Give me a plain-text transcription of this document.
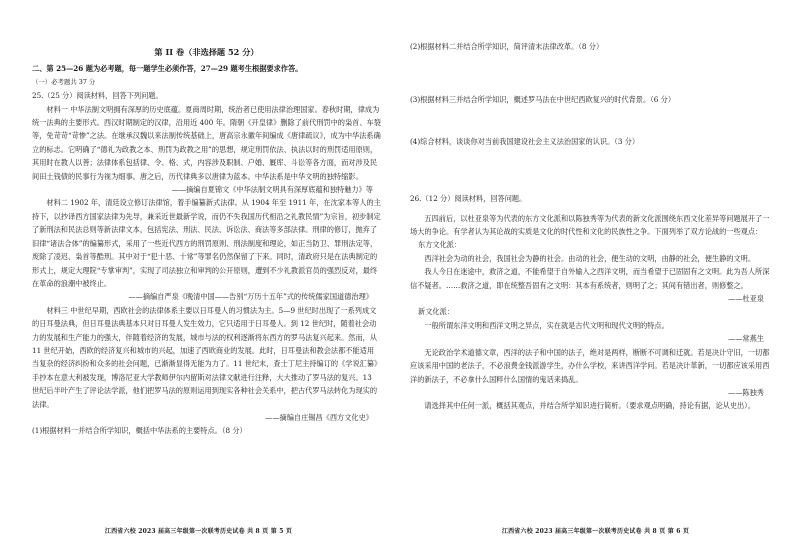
第 II 卷（非选择题 52 分）

二、第 25—26 题为必考题，每一题学生必须作答，27—29 题考生根据要求作答。

（一）必考题共 37 分

25.（25 分）阅读材料，回答下列问题。

材料一 中华法制文明拥有深厚的历史底蕴。夏商周时期，统治者已使用法律治理国家。春秋时期，律成为统一法典的主要形式。西汉时期制定的汉律，沿用近 400 年。隋朝《开皇律》删除了前代刑罚中的枭首、车裂等，免苛苛“苛惨”之法。在继承汉魏以来法制传统基础上，唐高宗永徽年间编成《唐律疏议》，成为中华法系确立的标志。它明确了“德礼为政教之本、刑罚为政教之用”的思想，规定刑罚依法、执法以时的刑罚适用原则，其用时在教人以善；法律体系包括律、令、格、式，内容涉及职制、户婚、厩库、斗讼等各方面，而对涉及民间田土钱债的民事行为视为细事。唐之后，历代律典多以唐律为蓝本。中华法系是中华文明的独特缩影。

——摘编自夏锦文《中华法制文明具有深厚底蕴和独特魅力》等

材料二 1902 年，清廷设立修订法律馆，着手编纂新式法律。从 1904 年至 1911 年，在沈家本等人的主持下，以抄译西方国家法律为先导，兼采近世最新学说，而仍不失我国历代相沿之礼教民情”为宗旨，初步制定了新刑法和民法总则等新法律文本，包括宪法、刑法、民法、诉讼法、商法等多部法律。刑律的修订，抛弃了旧律“诸法合体”的编纂形式，采用了一些近代西方的刑罚原则、刑法制度和理论，如正当防卫、罪刑法定等，废除了凌迟、枭首等酷刑。其中对于“犯十恶、十常”等罪名仍然保留了下来。同时，清政府只是在法典制定的形式上，规定大理院“专掌审判”，实现了司法独立和审判的公开原则，遭到不少礼教派官员的强烈反对，最终在革命的浪潮中被终止。

——摘编自严泉《晚清中国——告别“万历十五年”式的传统儒家国道德治理》

材料三 中世纪早期，西欧社会的法律体系主要以日耳曼人的习惯法为主。5—9 世纪时出现了一系列成文的日耳曼法典，但日耳曼法典基本只对日耳曼人发生效力，它只适用于日耳曼人。到 12 世纪时，随着社会动力的发展和生产能力的强大，伴随着经济的发展，城市与法的权利逐渐将东西方的罗马法复兴起来。然而，从

11 世纪开始，西欧的经济复兴和城市的兴起，加速了西欧商业的发展。此时，日耳曼法和教会法都不能适用当复杂的经济纠纷和众多的社会问题，已渐渐显得无能为力了。11 世纪末，查士丁尼主持编订的《学说汇纂》手抄本在意大利被发现，博洛尼亚大学教师伊尔内留斯对法律文献进行注释，大大推动了罗马法的复兴。13 世纪后半叶产生了评论法学派，他们把罗马法的原则运用到现实各种社会关系中，把古代罗马法转化为现实的法律。

——摘编自庄锡昌《西方文化史》

(1)根据材料一并结合所学知识，概括中华法系的主要特点。（8 分）

江西省六校 2023 届高三年级第一次联考历史试卷 共 8 页 第 5 页

(2)根据材料二并结合所学知识，简评清末法律改革。（8 分）

(3)根据材料三并结合所学知识，概述罗马法在中世纪西欧复兴的时代背景。（6 分）

(4)综合材料，谈谈你对当前我国建设社会主义法治国家的认识。（3 分）

26.（12 分）阅读材料，回答问题。

五四前后，以杜亚泉等为代表的东方文化派和以陈独秀等为代表的新文化派围绕东西文化差异等问题展开了一场大的争论。有学者认为其论战的实质是文化的时代性和文化的民族性之争。下面列举了双方论战的一些观点：

东方文化派：

西洋社会为动的社会，我国社会为静的社会。由动的社会，便生动的文明，由静的社会，便生静的文明。

我人今日在迷途中，救济之道，不能希望于自外输入之西洋文明，而当希望于已固固有之文明。此为吾人所深信不疑者。……救济之道，即在统整吾固有之文明：其本有系统者，则明了之；其间有错出者，则修整之。

——杜亚泉

新文化派：

一般所谓东洋文明和西洋文明之异点，实在就是古代文明和现代文明的特点。

——常燕生

无论政治学术道德文章，西洋的法子和中国的法子，绝对是两样，断断不可调和迁就。若是决计守旧，一切都应该采用中国的老法子，不必浪费金钱派游学生，办什么学校，来讲西洋学问。若是决计革新，一切都应该采用西洋的新法子，不必拿什么国粹什么国情的鬼话来捣乱。

——陈独秀

请选择其中任何一派，概括其观点，并结合所学知识进行简析。（要求观点明确，持论有据，论从史出）。

江西省六校 2023 届高三年级第一次联考历史试卷 共 8 页 第 6 页
